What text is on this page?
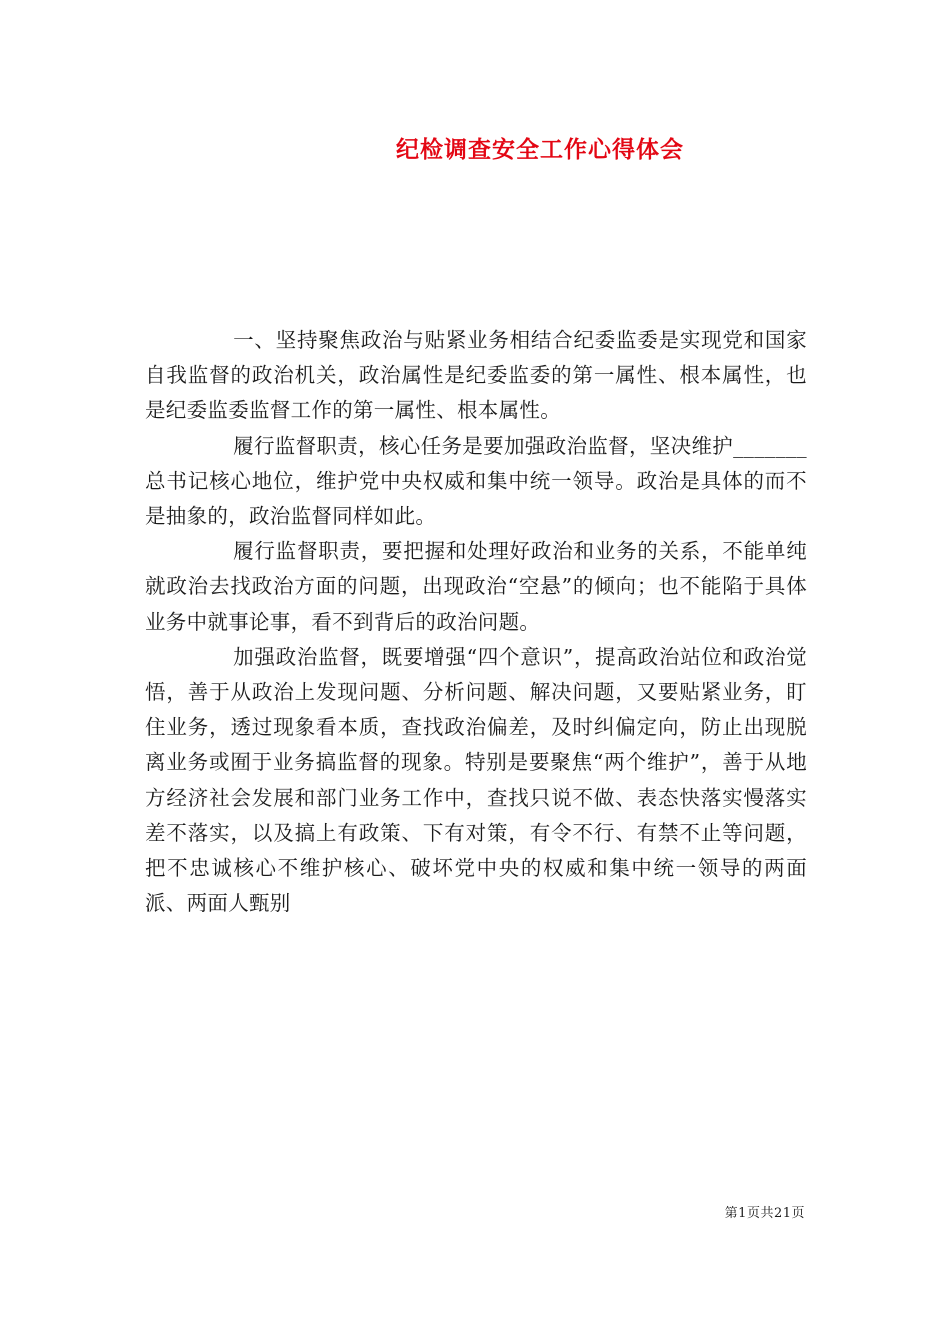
纪检调查安全工作心得体会

一、坚持聚焦政治与贴紧业务相结合纪委监委是实现党和国家自我监督的政治机关，政治属性是纪委监委的第一属性、根本属性，也是纪委监委监督工作的第一属性、根本属性。

履行监督职责，核心任务是要加强政治监督，坚决维护_______总书记核心地位，维护党中央权威和集中统一领导。政治是具体的而不是抽象的，政治监督同样如此。

履行监督职责，要把握和处理好政治和业务的关系，不能单纯就政治去找政治方面的问题，出现政治“空悬”的倾向；也不能陷于具体业务中就事论事，看不到背后的政治问题。

加强政治监督，既要增强“四个意识”，提高政治站位和政治觉悟，善于从政治上发现问题、分析问题、解决问题，又要贴紧业务，盯住业务，透过现象看本质，查找政治偏差，及时纠偏定向，防止出现脱离业务或囿于业务搞监督的现象。特别是要聚焦“两个维护”，善于从地方经济社会发展和部门业务工作中，查找只说不做、表态快落实慢落实差不落实，以及搞上有政策、下有对策，有令不行、有禁不止等问题，把不忠诚核心不维护核心、破坏党中央的权威和集中统一领导的两面派、两面人甄别

第1页共21页
